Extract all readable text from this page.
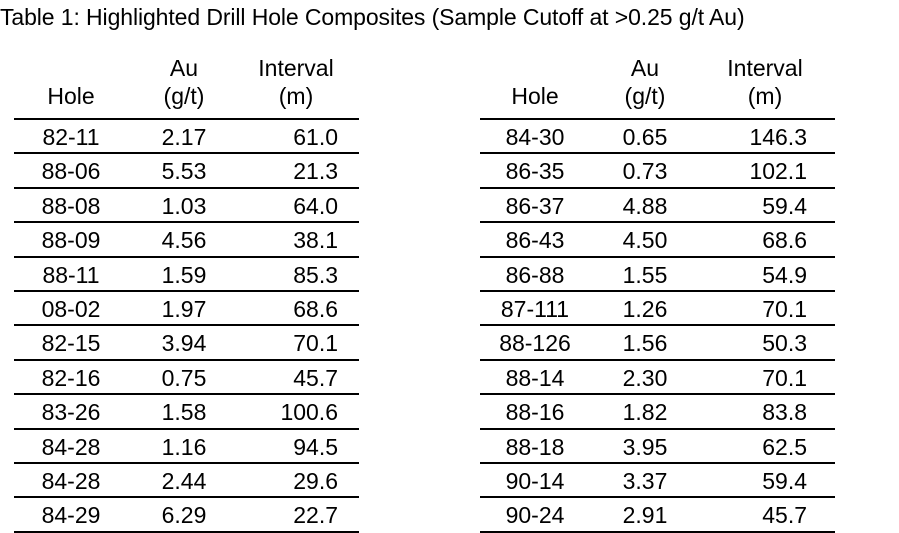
Table 1: Highlighted Drill Hole Composites (Sample Cutoff at >0.25 g/t Au)
Hole
Au
(g/t)
Interval
(m)
82-11	2.17	61.0
88-06	5.53	21.3
88-08	1.03	64.0
88-09	4.56	38.1
88-11	1.59	85.3
08-02	1.97	68.6
82-15	3.94	70.1
82-16	0.75	45.7
83-26	1.58	100.6
84-28	1.16	94.5
84-28	2.44	29.6
84-29	6.29	22.7
Hole
Au
(g/t)
Interval
(m)
84-30	0.65	146.3
86-35	0.73	102.1
86-37	4.88	59.4
86-43	4.50	68.6
86-88	1.55	54.9
87-111	1.26	70.1
88-126	1.56	50.3
88-14	2.30	70.1
88-16	1.82	83.8
88-18	3.95	62.5
90-14	3.37	59.4
90-24	2.91	45.7
